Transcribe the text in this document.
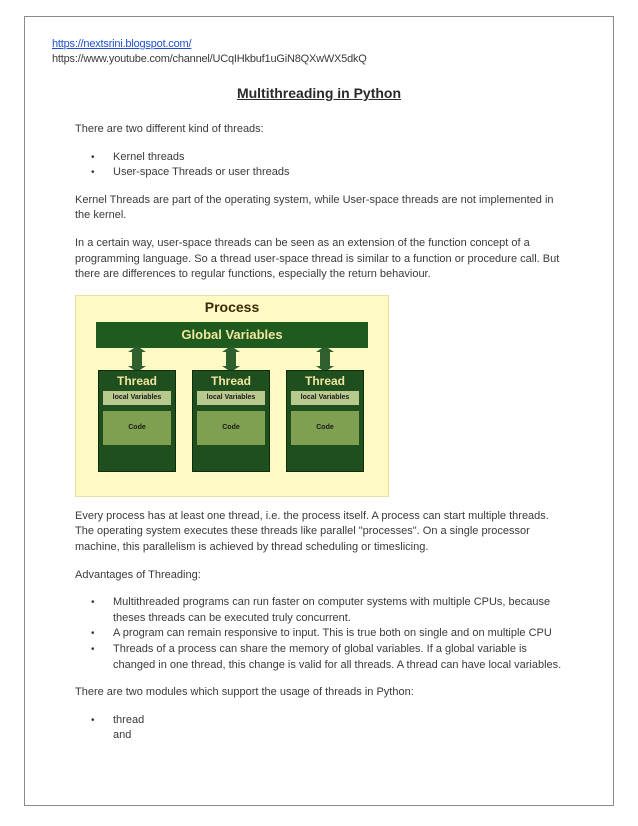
https://nextsrini.blogspot.com/
https://www.youtube.com/channel/UCqIHkbuf1uGiN8QXwWX5dkQ
Multithreading in Python

There are two different kind of threads:

• Kernel threads
• User-space Threads or user threads

Kernel Threads are part of the operating system, while User-space threads are not implemented in the kernel.

In a certain way, user-space threads can be seen as an extension of the function concept of a programming language. So a thread user-space thread is similar to a function or procedure call. But there are differences to regular functions, especially the return behaviour.

Process
Global Variables
Thread
local Variables
Code
Thread
local Variables
Code
Thread
local Variables
Code

Every process has at least one thread, i.e. the process itself. A process can start multiple threads. The operating system executes these threads like parallel "processes". On a single processor machine, this parallelism is achieved by thread scheduling or timeslicing.

Advantages of Threading:

• Multithreaded programs can run faster on computer systems with multiple CPUs, because theses threads can be executed truly concurrent.
• A program can remain responsive to input. This is true both on single and on multiple CPU
• Threads of a process can share the memory of global variables. If a global variable is changed in one thread, this change is valid for all threads. A thread can have local variables.

There are two modules which support the usage of threads in Python:

• thread
and
